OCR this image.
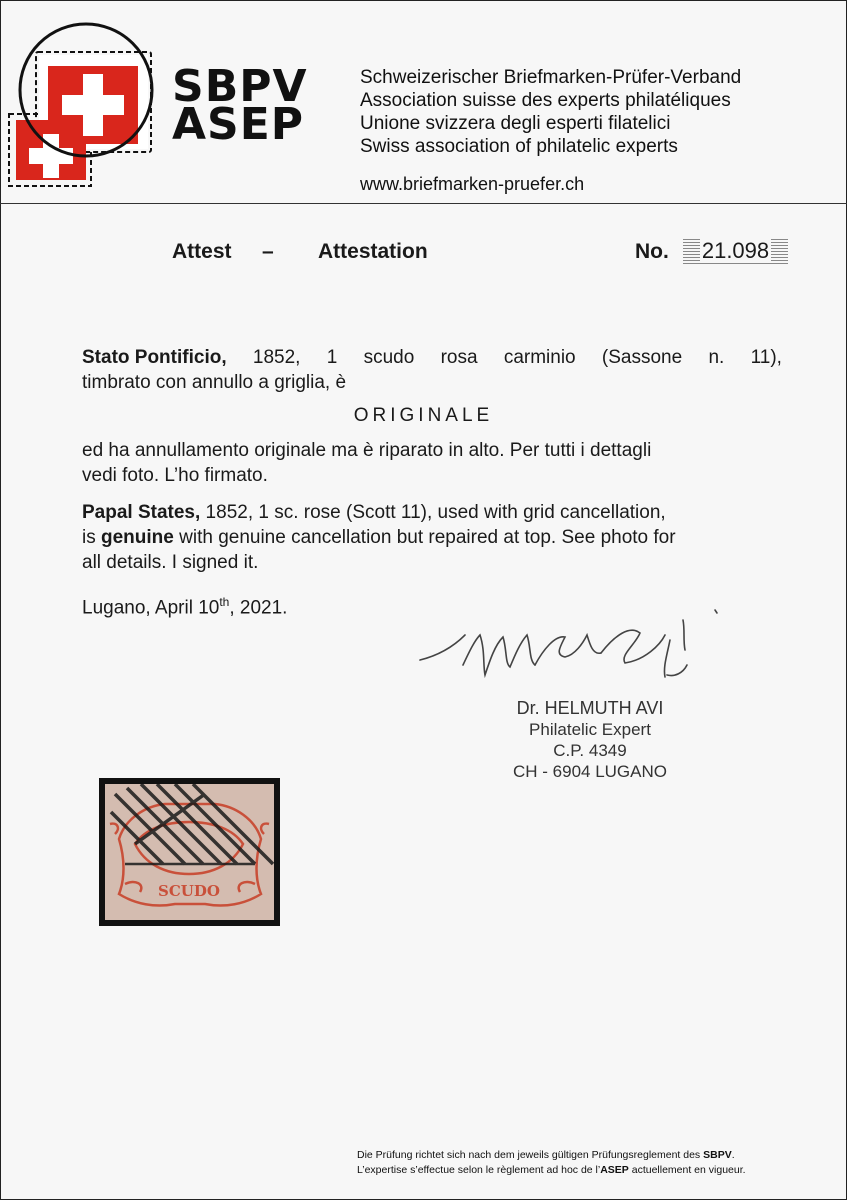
SBPV
ASEP
Schweizerischer Briefmarken-Prüfer-Verband
Association suisse des experts philatéliques
Unione svizzera degli esperti filatelici
Swiss association of philatelic experts
www.briefmarken-pruefer.ch
Attest – Attestation	No.	21.098
Stato Pontificio, 1852, 1 scudo rosa carminio (Sassone n. 11),
timbrato con annullo a griglia, è
ORIGINALE
ed ha annullamento originale ma è riparato in alto. Per tutti i dettagli
vedi foto. L’ho firmato.
Papal States, 1852, 1 sc. rose (Scott 11), used with grid cancellation,
is genuine with genuine cancellation but repaired at top. See photo for
all details. I signed it.
Lugano, April 10th, 2021.
Dr. HELMUTH AVI
Philatelic Expert
C.P. 4349
CH - 6904 LUGANO
SCUDO
Die Prüfung richtet sich nach dem jeweils gültigen Prüfungsreglement des SBPV.
L’expertise s’effectue selon le règlement ad hoc de l’ASEP actuellement en vigueur.
